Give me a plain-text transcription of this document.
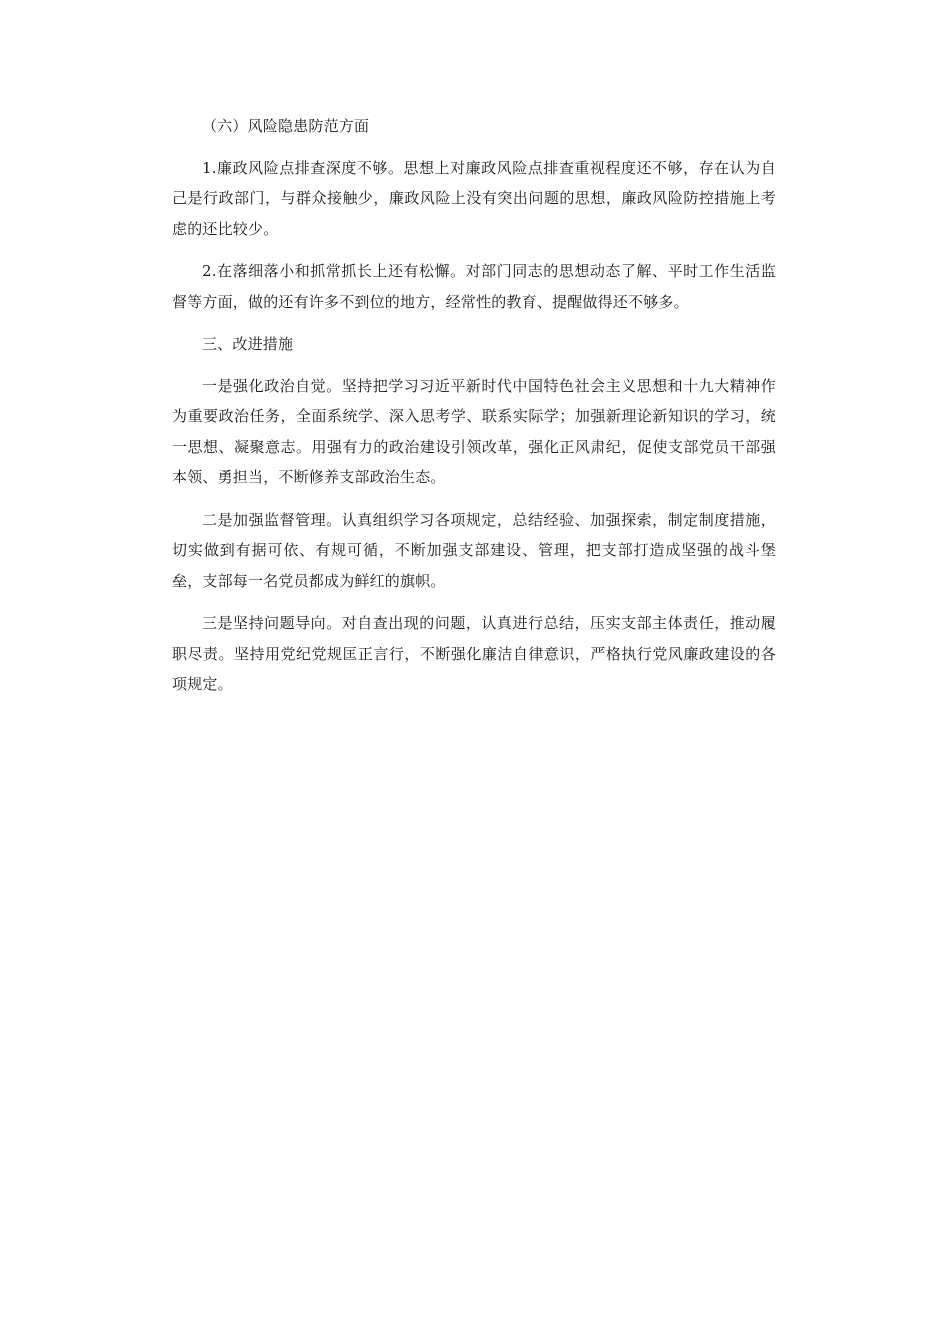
（六）风险隐患防范方面

1.廉政风险点排查深度不够。思想上对廉政风险点排查重视程度还不够，存在认为自己是行政部门，与群众接触少，廉政风险上没有突出问题的思想，廉政风险防控措施上考虑的还比较少。

2.在落细落小和抓常抓长上还有松懈。对部门同志的思想动态了解、平时工作生活监督等方面，做的还有许多不到位的地方，经常性的教育、提醒做得还不够多。

三、改进措施

一是强化政治自觉。坚持把学习习近平新时代中国特色社会主义思想和十九大精神作为重要政治任务，全面系统学、深入思考学、联系实际学；加强新理论新知识的学习，统一思想、凝聚意志。用强有力的政治建设引领改革，强化正风肃纪，促使支部党员干部强本领、勇担当，不断修养支部政治生态。

二是加强监督管理。认真组织学习各项规定，总结经验、加强探索，制定制度措施，切实做到有据可依、有规可循，不断加强支部建设、管理，把支部打造成坚强的战斗堡垒，支部每一名党员都成为鲜红的旗帜。

三是坚持问题导向。对自查出现的问题，认真进行总结，压实支部主体责任，推动履职尽责。坚持用党纪党规匡正言行，不断强化廉洁自律意识，严格执行党风廉政建设的各项规定。
